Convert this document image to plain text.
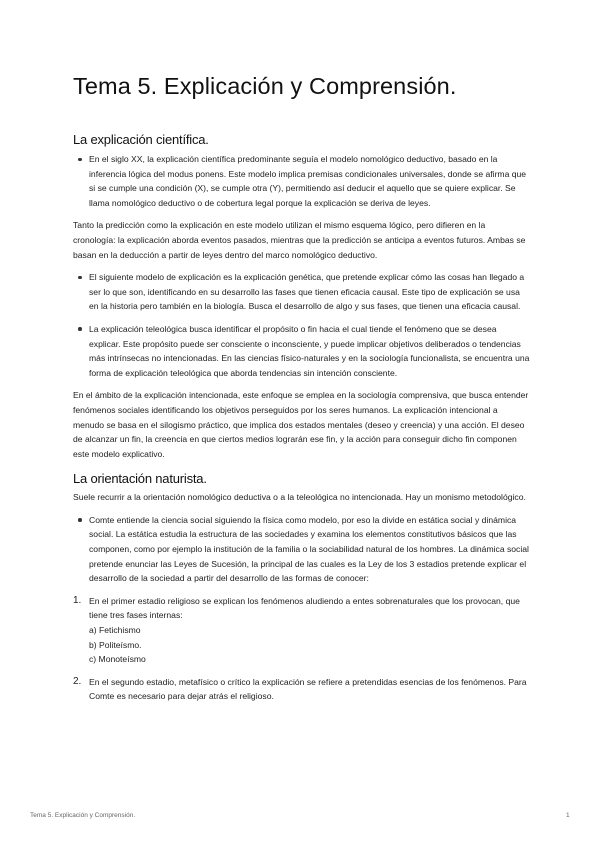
Tema 5. Explicación y Comprensión.
La explicación científica.
En el siglo XX, la explicación científica predominante seguía el modelo nomológico deductivo, basado en la inferencia lógica del modus ponens. Este modelo implica premisas condicionales universales, donde se afirma que si se cumple una condición (X), se cumple otra (Y), permitiendo así deducir el aquello que se quiere explicar. Se llama nomológico deductivo o de cobertura legal porque la explicación se deriva de leyes.

Tanto la predicción como la explicación en este modelo utilizan el mismo esquema lógico, pero difieren en la cronología: la explicación aborda eventos pasados, mientras que la predicción se anticipa a eventos futuros. Ambas se basan en la deducción a partir de leyes dentro del marco nomológico deductivo.

El siguiente modelo de explicación es la explicación genética, que pretende explicar cómo las cosas han llegado a ser lo que son, identificando en su desarrollo las fases que tienen eficacia causal. Este tipo de explicación se usa en la historia pero también en la biología. Busca el desarrollo de algo y sus fases, que tienen una eficacia causal.
La explicación teleológica busca identificar el propósito o fin hacia el cual tiende el fenómeno que se desea explicar. Este propósito puede ser consciente o inconsciente, y puede implicar objetivos deliberados o tendencias más intrínsecas no intencionadas. En las ciencias físico-naturales y en la sociología funcionalista, se encuentra una forma de explicación teleológica que aborda tendencias sin intención consciente.

En el ámbito de la explicación intencionada, este enfoque se emplea en la sociología comprensiva, que busca entender fenómenos sociales identificando los objetivos perseguidos por los seres humanos. La explicación intencional a menudo se basa en el silogismo práctico, que implica dos estados mentales (deseo y creencia) y una acción. El deseo de alcanzar un fin, la creencia en que ciertos medios lograrán ese fin, y la acción para conseguir dicho fin componen este modelo explicativo.

La orientación naturista.

Suele recurrir a la orientación nomológico deductiva o a la teleológica no intencionada. Hay un monismo metodológico.

Comte entiende la ciencia social siguiendo la física como modelo, por eso la divide en estática social y dinámica social. La estática estudia la estructura de las sociedades y examina los elementos constitutivos básicos que las componen, como por ejemplo la institución de la familia o la sociabilidad natural de los hombres. La dinámica social pretende enunciar las Leyes de Sucesión, la principal de las cuales es la Ley de los 3 estadios pretende explicar el desarrollo de la sociedad a partir del desarrollo de las formas de conocer:
1. En el primer estadio religioso se explican los fenómenos aludiendo a entes sobrenaturales que los provocan, que tiene tres fases internas:
a) Fetichismo
b) Politeísmo.
c) Monoteísmo
2. En el segundo estadio, metafísico o crítico la explicación se refiere a pretendidas esencias de los fenómenos. Para Comte es necesario para dejar atrás el religioso.
Tema 5. Explicación y Comprensión.	1
